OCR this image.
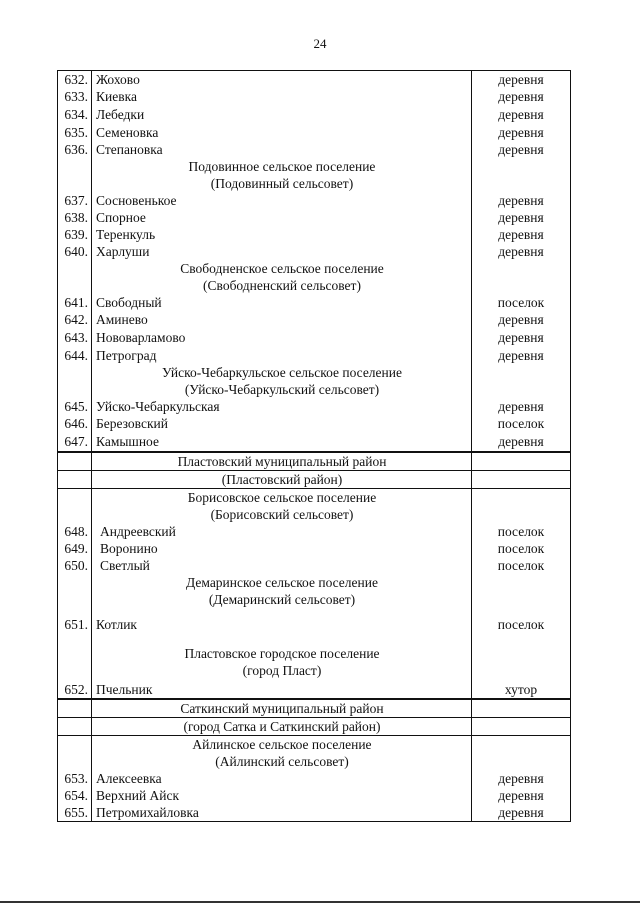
24
632. Жохово	деревня
633. Киевка	деревня
634. Лебедки	деревня
635. Семеновка	деревня
636. Степановка	деревня
Подовинное сельское поселение
(Подовинный сельсовет)
637. Сосновенькое	деревня
638. Спорное	деревня
639. Теренкуль	деревня
640. Харлуши	деревня
Свободненское сельское поселение
(Свободненский сельсовет)
641. Свободный	поселок
642. Аминево	деревня
643. Нововарламово	деревня
644. Петроград	деревня
Уйско-Чебаркульское сельское поселение
(Уйско-Чебаркульский сельсовет)
645. Уйско-Чебаркульская	деревня
646. Березовский	поселок
647. Камышное	деревня
Пластовский муниципальный район
(Пластовский район)
Борисовское сельское поселение
(Борисовский сельсовет)
648. Андреевский	поселок
649. Воронино	поселок
650. Светлый	поселок
Демаринское сельское поселение
(Демаринский сельсовет)
651. Котлик	поселок
Пластовское городское поселение
(город Пласт)
652. Пчельник	хутор
Саткинский муниципальный район
(город Сатка и Саткинский район)
Айлинское сельское поселение
(Айлинский сельсовет)
653. Алексеевка	деревня
654. Верхний Айск	деревня
655. Петромихайловка	деревня
